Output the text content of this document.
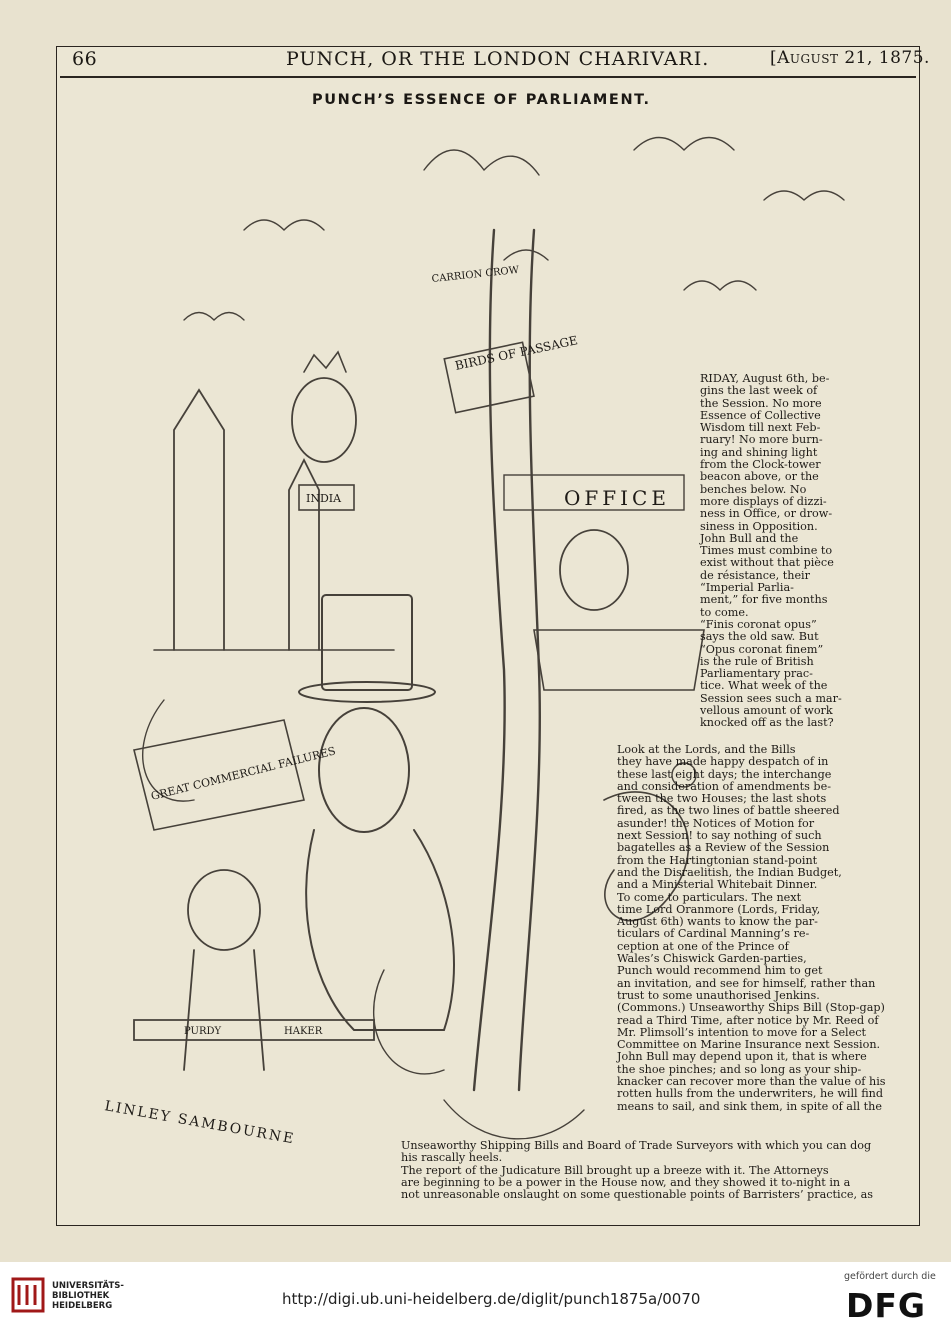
66	PUNCH, OR THE LONDON CHARIVARI.	[August 21, 1875.
PUNCH’S ESSENCE OF PARLIAMENT.
CARRION CROW
BIRDS OF PASSAGE
INDIA	OFFICE
GREAT COMMERCIAL FAILURES
PURDY	HAKER
LINLEY SAMBOURNE
RIDAY, August 6th, be-
gins the last week of
the Session. No more
Essence of Collective
Wisdom till next Feb-
ruary! No more burn-
ing and shining light
from the Clock-tower
beacon above, or the
benches below. No
more displays of dizzi-
ness in Office, or drow-
siness in Opposition.
John Bull and the
Times must combine to
exist without that pièce
de résistance, their
“Imperial Parlia-
ment,” for five months
to come.
“Finis coronat opus”
says the old saw. But
“Opus coronat finem”
is the rule of British
Parliamentary prac-
tice. What week of the
Session sees such a mar-
vellous amount of work
knocked off as the last?
Look at the Lords, and the Bills
they have made happy despatch of in
these last eight days; the interchange
and consideration of amendments be-
tween the two Houses; the last shots
fired, as the two lines of battle sheered
asunder! the Notices of Motion for
next Session! to say nothing of such
bagatelles as a Review of the Session
from the Hartingtonian stand-point
and the Disraelitish, the Indian Budget,
and a Ministerial Whitebait Dinner.
To come to particulars. The next
time Lord Oranmore (Lords, Friday,
August 6th) wants to know the par-
ticulars of Cardinal Manning’s re-
ception at one of the Prince of
Wales’s Chiswick Garden-parties,
Punch would recommend him to get
an invitation, and see for himself, rather than
trust to some unauthorised Jenkins.
(Commons.) Unseaworthy Ships Bill (Stop-gap)
read a Third Time, after notice by Mr. Reed of
Mr. Plimsoll’s intention to move for a Select
Committee on Marine Insurance next Session.
John Bull may depend upon it, that is where
the shoe pinches; and so long as your ship-
knacker can recover more than the value of his
rotten hulls from the underwriters, he will find
means to sail, and sink them, in spite of all the
Unseaworthy Shipping Bills and Board of Trade Surveyors with which you can dog
his rascally heels.
The report of the Judicature Bill brought up a breeze with it. The Attorneys
are beginning to be a power in the House now, and they showed it to-night in a
not unreasonable onslaught on some questionable points of Barristers’ practice, as
UNIVERSITÄTS-
BIBLIOTHEK
HEIDELBERG	http://digi.ub.uni-heidelberg.de/diglit/punch1875a/0070
gefördert durch die
DFG
